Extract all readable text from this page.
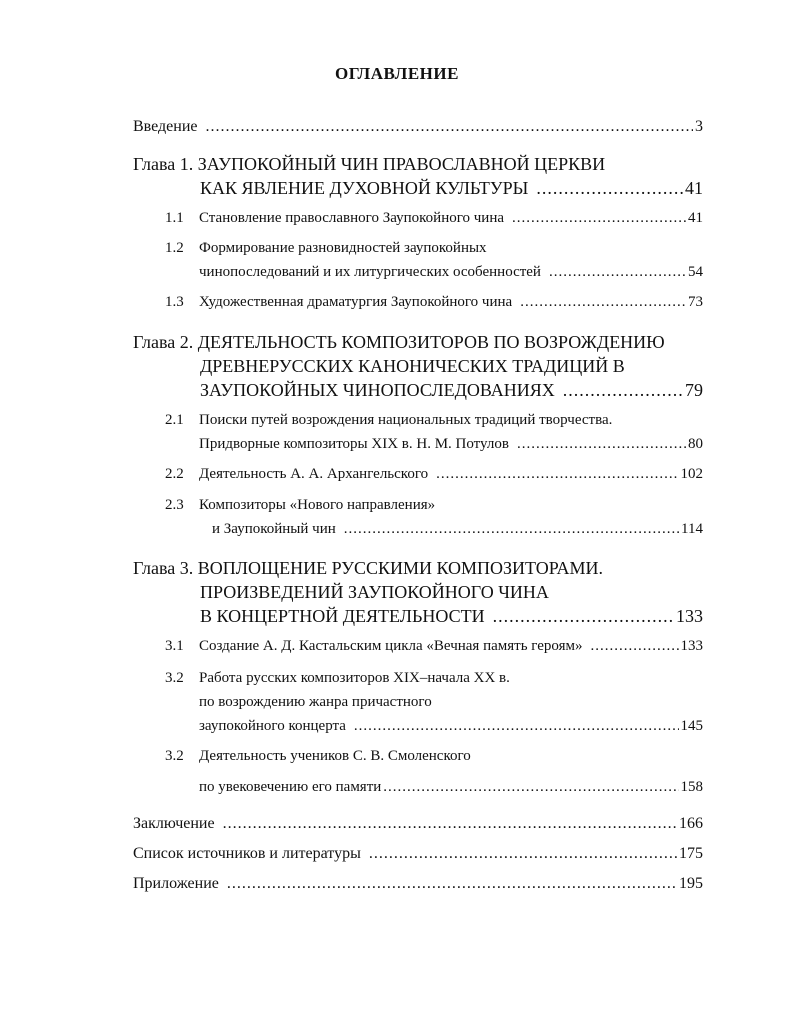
ОГЛАВЛЕНИЕ
Введение .....	3
Глава 1. ЗАУПОКОЙНЫЙ ЧИН ПРАВОСЛАВНОЙ ЦЕРКВИ
КАК ЯВЛЕНИЕ ДУХОВНОЙ КУЛЬТУРЫ .....	41
1.1	Становление православного Заупокойного чина .....	41
1.2 Формирование разновидностей заупокойных
чинопоследований и их литургических особенностей .....	54
1.3	Художественная драматургия Заупокойного чина .....	73
Глава 2. ДЕЯТЕЛЬНОСТЬ КОМПОЗИТОРОВ ПО ВОЗРОЖДЕНИЮ
ДРЕВНЕРУССКИХ КАНОНИЧЕСКИХ ТРАДИЦИЙ В
ЗАУПОКОЙНЫХ ЧИНОПОСЛЕДОВАНИЯХ .....	79
2.1 Поиски путей возрождения национальных традиций творчества.
Придворные композиторы XIX в. Н. М. Потулов .....	80
2.2	Деятельность А. А. Архангельского .....	102
2.3 Композиторы «Нового направления»
и Заупокойный чин .....	114
Глава 3. ВОПЛОЩЕНИЕ РУССКИМИ КОМПОЗИТОРАМИ.
ПРОИЗВЕДЕНИЙ ЗАУПОКОЙНОГО ЧИНА
В КОНЦЕРТНОЙ ДЕЯТЕЛЬНОСТИ .....	133
3.1	Создание А. Д. Кастальским цикла «Вечная память героям» .....	133
3.2 Работа русских композиторов XIX–начала XX в.
по возрождению жанра причастного
заупокойного концерта .....	145
3.2 Деятельность учеников С. В. Смоленского
по увековечению его памяти .....	158
Заключение .....	166
Список источников и литературы .....	175
Приложение .....	195
